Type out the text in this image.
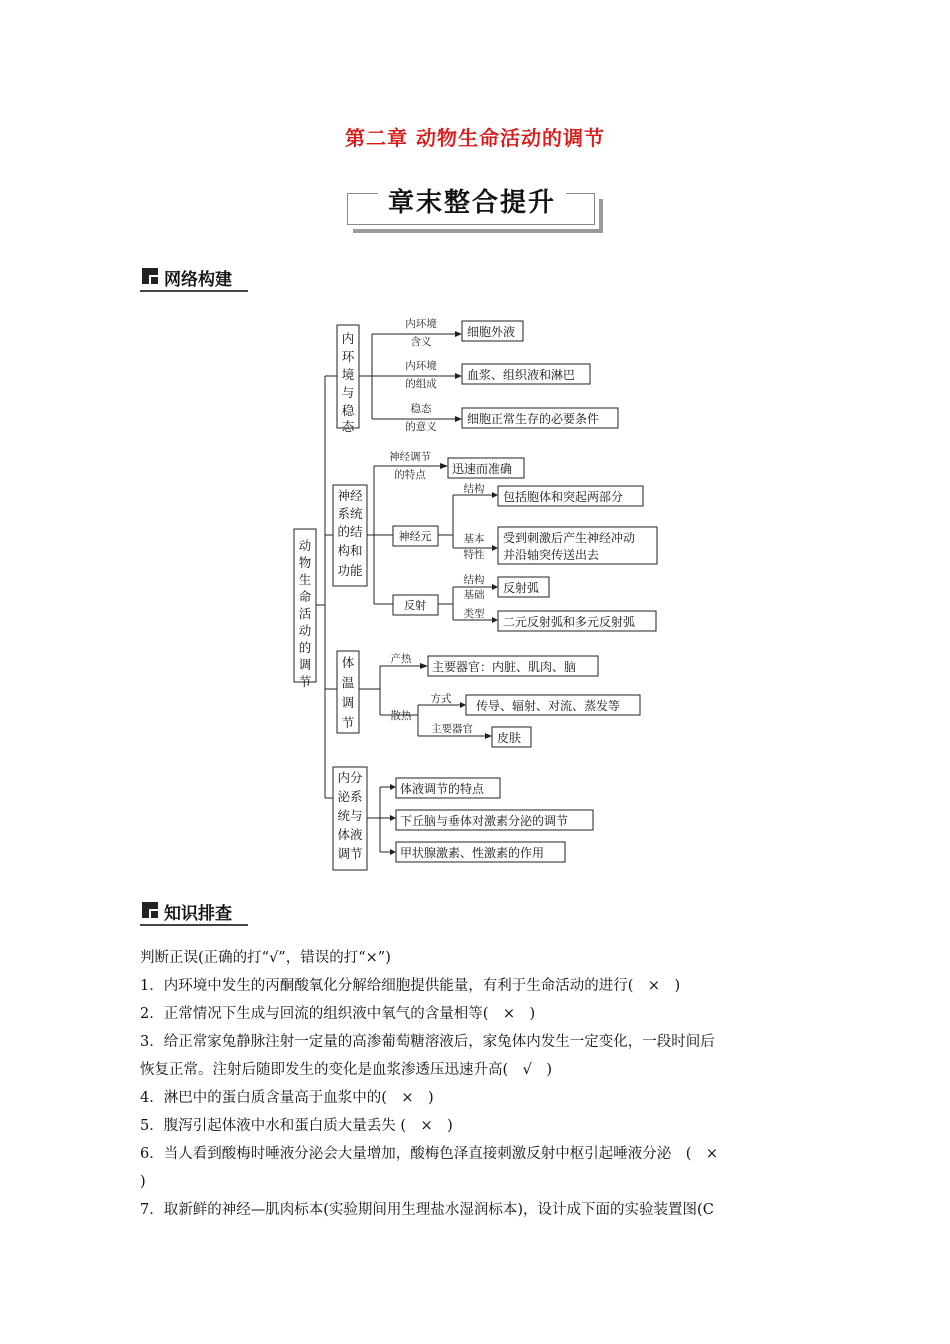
第二章 动物生命活动的调节
章末整合提升
网络构建
动
物
生
命
活
动
的
调
节
内
环
境
与
稳
态
神经
系统
的结
构和
功能
体
温
调
节
内分
泌系
统与
体液
调节
内环境
含义
内环境
的组成
稳态
的意义
神经调节
的特点
结构
基本
特性
结构
基础
类型
产热
散热
方式
主要器官
神经元
反射
细胞外液
血浆、组织液和淋巴
细胞正常生存的必要条件
迅速而准确
包括胞体和突起两部分
受到刺激后产生神经冲动
并沿轴突传送出去
反射弧
二元反射弧和多元反射弧
主要器官：内脏、肌肉、脑
传导、辐射、对流、蒸发等
皮肤
体液调节的特点
下丘脑与垂体对激素分泌的调节
甲状腺激素、性激素的作用
知识排查

判断正误(正确的打“√”，错误的打“×”)

1．内环境中发生的丙酮酸氧化分解给细胞提供能量，有利于生命活动的进行(　×　)

2．正常情况下生成与回流的组织液中氧气的含量相等(　×　)

3．给正常家兔静脉注射一定量的高渗葡萄糖溶液后，家兔体内发生一定变化，一段时间后

恢复正常。注射后随即发生的变化是血浆渗透压迅速升高(　√　)

4．淋巴中的蛋白质含量高于血浆中的(　×　)

5．腹泻引起体液中水和蛋白质大量丢失 (　×　)

6．当人看到酸梅时唾液分泌会大量增加，酸梅色泽直接刺激反射中枢引起唾液分泌　(　×

)

7．取新鲜的神经—肌肉标本(实验期间用生理盐水湿润标本)，设计成下面的实验装置图(C
